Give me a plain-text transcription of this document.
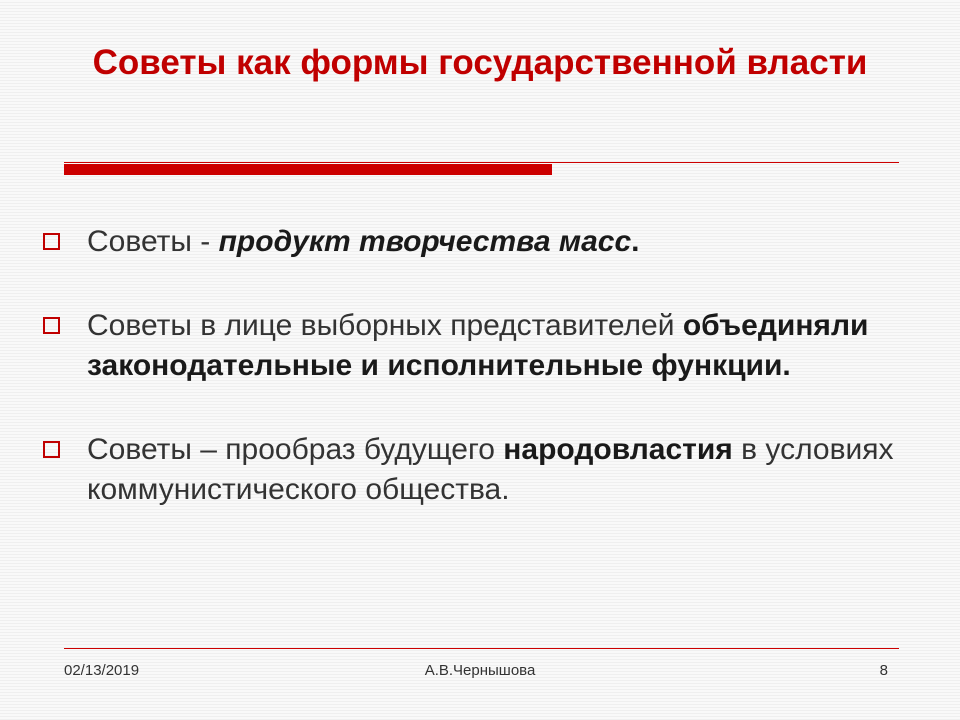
Советы как формы государственной власти
Советы - продукт творчества масс.
Советы в лице выборных представителей объединяли законодательные и исполнительные функции.
Советы – прообраз будущего народовластия в условиях коммунистического общества.
02/13/2019	А.В.Чернышова	8
